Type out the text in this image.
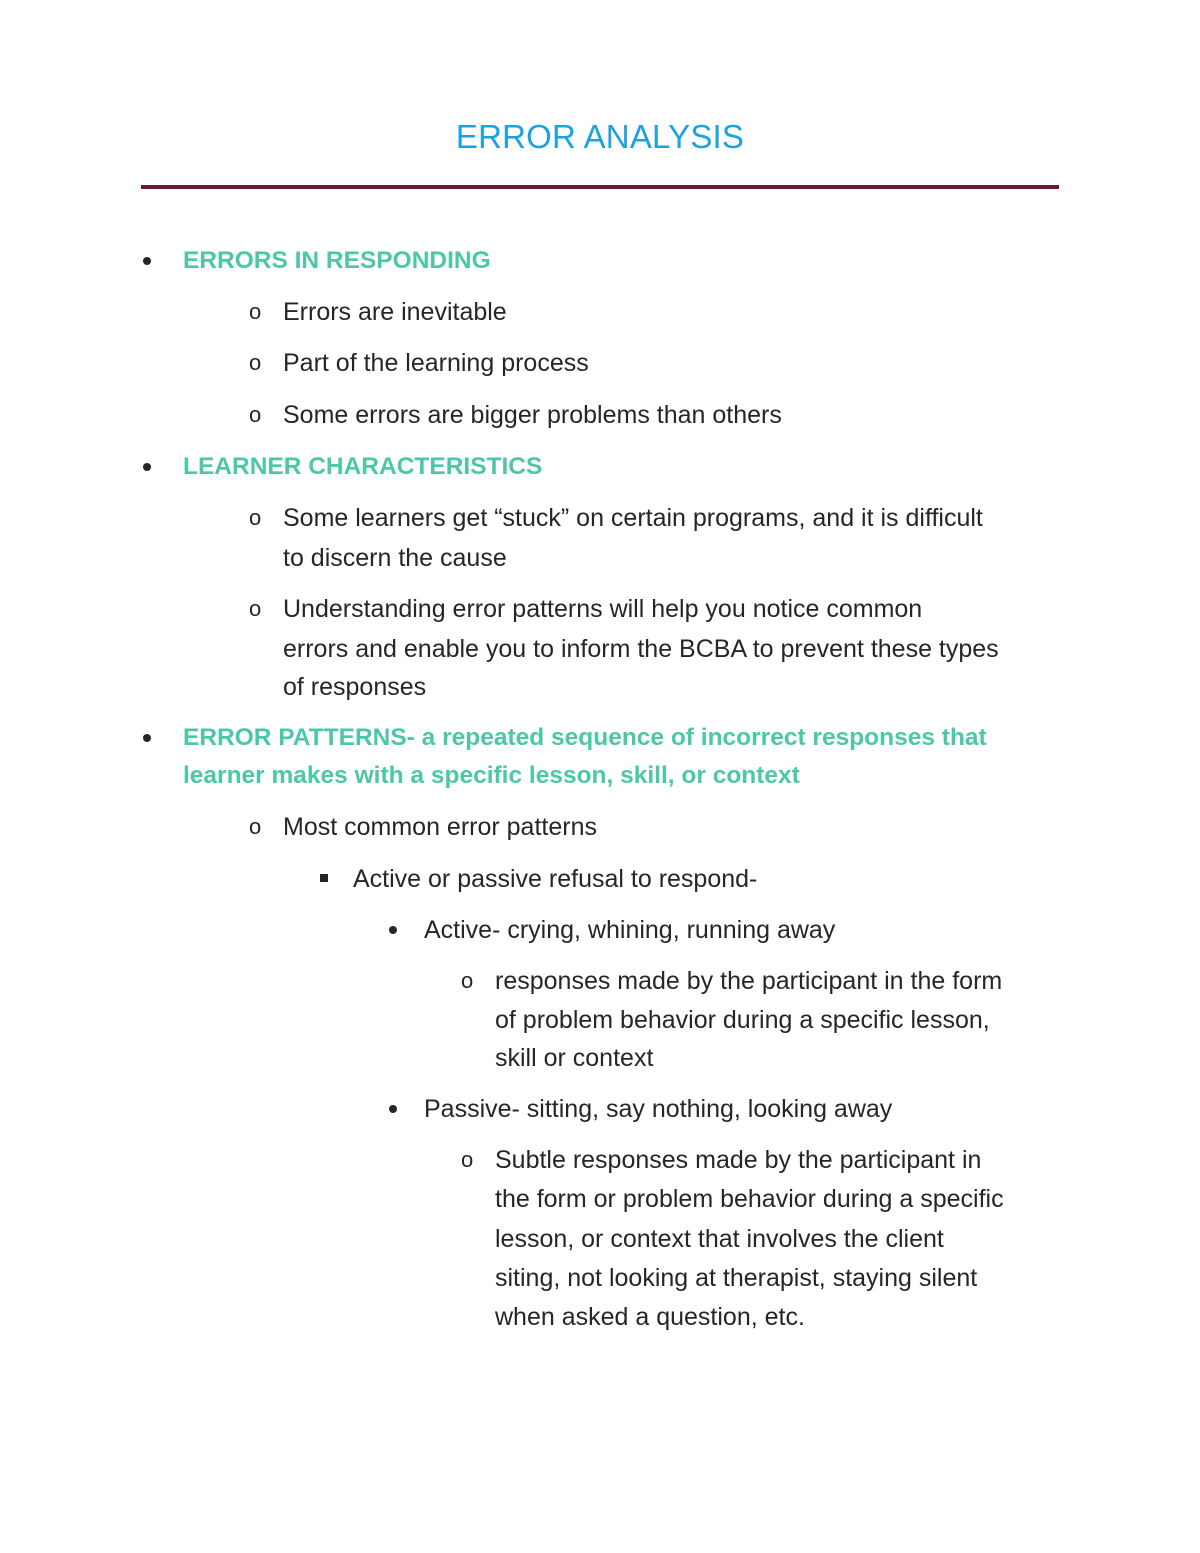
ERROR ANALYSIS
ERRORS IN RESPONDING
o Errors are inevitable
o Part of the learning process
o Some errors are bigger problems than others
LEARNER CHARACTERISTICS
o Some learners get “stuck” on certain programs, and it is difficult
to discern the cause
o Understanding error patterns will help you notice common
errors and enable you to inform the BCBA to prevent these types
of responses
ERROR PATTERNS- a repeated sequence of incorrect responses that
learner makes with a specific lesson, skill, or context
o Most common error patterns
Active or passive refusal to respond-
Active- crying, whining, running away
o responses made by the participant in the form
of problem behavior during a specific lesson,
skill or context
Passive- sitting, say nothing, looking away
o Subtle responses made by the participant in
the form or problem behavior during a specific
lesson, or context that involves the client
siting, not looking at therapist, staying silent
when asked a question, etc.
